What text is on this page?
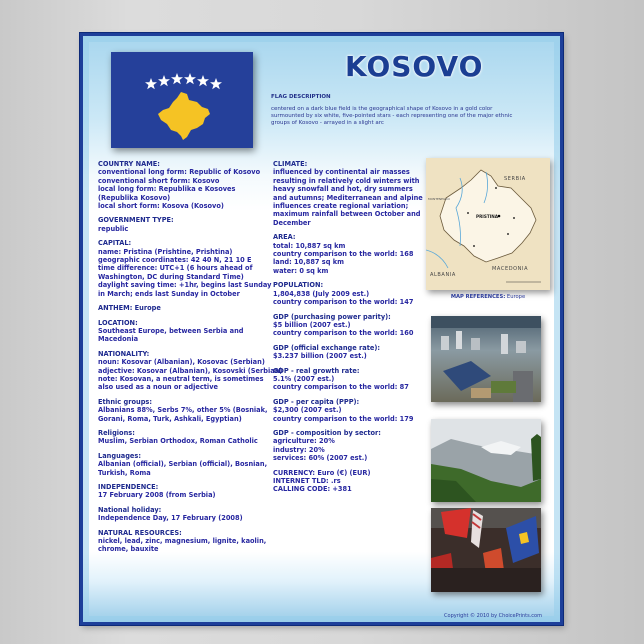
KOSOVO
FLAG DESCRIPTION
centered on a dark blue field is the geographical shape of Kosovo in a gold color surmounted by six white, five-pointed stars - each representing one of the major ethnic groups of Kosovo - arrayed in a slight arc
COUNTRY NAME:
conventional long form: Republic of Kosovo
conventional short form: Kosovo
local long form: Republika e Kosoves
(Republika Kosovo)
local short form: Kosova (Kosovo)
GOVERNMENT TYPE:
republic
CAPITAL:
name: Pristina (Prishtine, Prishtina)
geographic coordinates: 42 40 N, 21 10 E
time difference: UTC+1 (6 hours ahead of
Washington, DC during Standard Time)
daylight saving time: +1hr, begins last Sunday
in March; ends last Sunday in October
ANTHEM: Europe
LOCATION:
Southeast Europe, between Serbia and Macedonia
NATIONALITY:
noun: Kosovar (Albanian), Kosovac (Serbian)
adjective: Kosovar (Albanian), Kosovski (Serbian)
note: Kosovan, a neutral term, is sometimes
also used as a noun or adjective
Ethnic groups:
Albanians 88%, Serbs 7%, other 5% (Bosniak,
Gorani, Roma, Turk, Ashkali, Egyptian)
Religions:
Muslim, Serbian Orthodox, Roman Catholic
Languages:
Albanian (official), Serbian (official), Bosnian,
Turkish, Roma
INDEPENDENCE:
17 February 2008 (from Serbia)
National holiday:
Independence Day, 17 February (2008)
NATURAL RESOURCES:
nickel, lead, zinc, magnesium, lignite, kaolin,
chrome, bauxite
CLIMATE:
influenced by continental air masses
resulting in relatively cold winters with
heavy snowfall and hot, dry summers
and autumns; Mediterranean and alpine
influences create regional variation;
maximum rainfall between October and
December
AREA:
total: 10,887 sq km
country comparison to the world: 168
land: 10,887 sq km
water: 0 sq km
POPULATION:
1,804,838 (July 2009 est.)
country comparison to the world: 147
GDP (purchasing power parity):
$5 billion (2007 est.)
country comparison to the world: 160
GDP (official exchange rate):
$3.237 billion (2007 est.)
GDP - real growth rate:
5.1% (2007 est.)
country comparison to the world: 87
GDP - per capita (PPP):
$2,300 (2007 est.)
country comparison to the world: 179
GDP - composition by sector:
agriculture: 20%
industry: 20%
services: 60% (2007 est.)
CURRENCY: Euro (€) (EUR)
INTERNET TLD: .rs
CALLING CODE: +381
SERBIA
PRISTINA
ALBANIA
MACEDONIA
MONTENEGRO
MAP REFERENCES: Europe
Copyright © 2010 by ChoicePrints.com
